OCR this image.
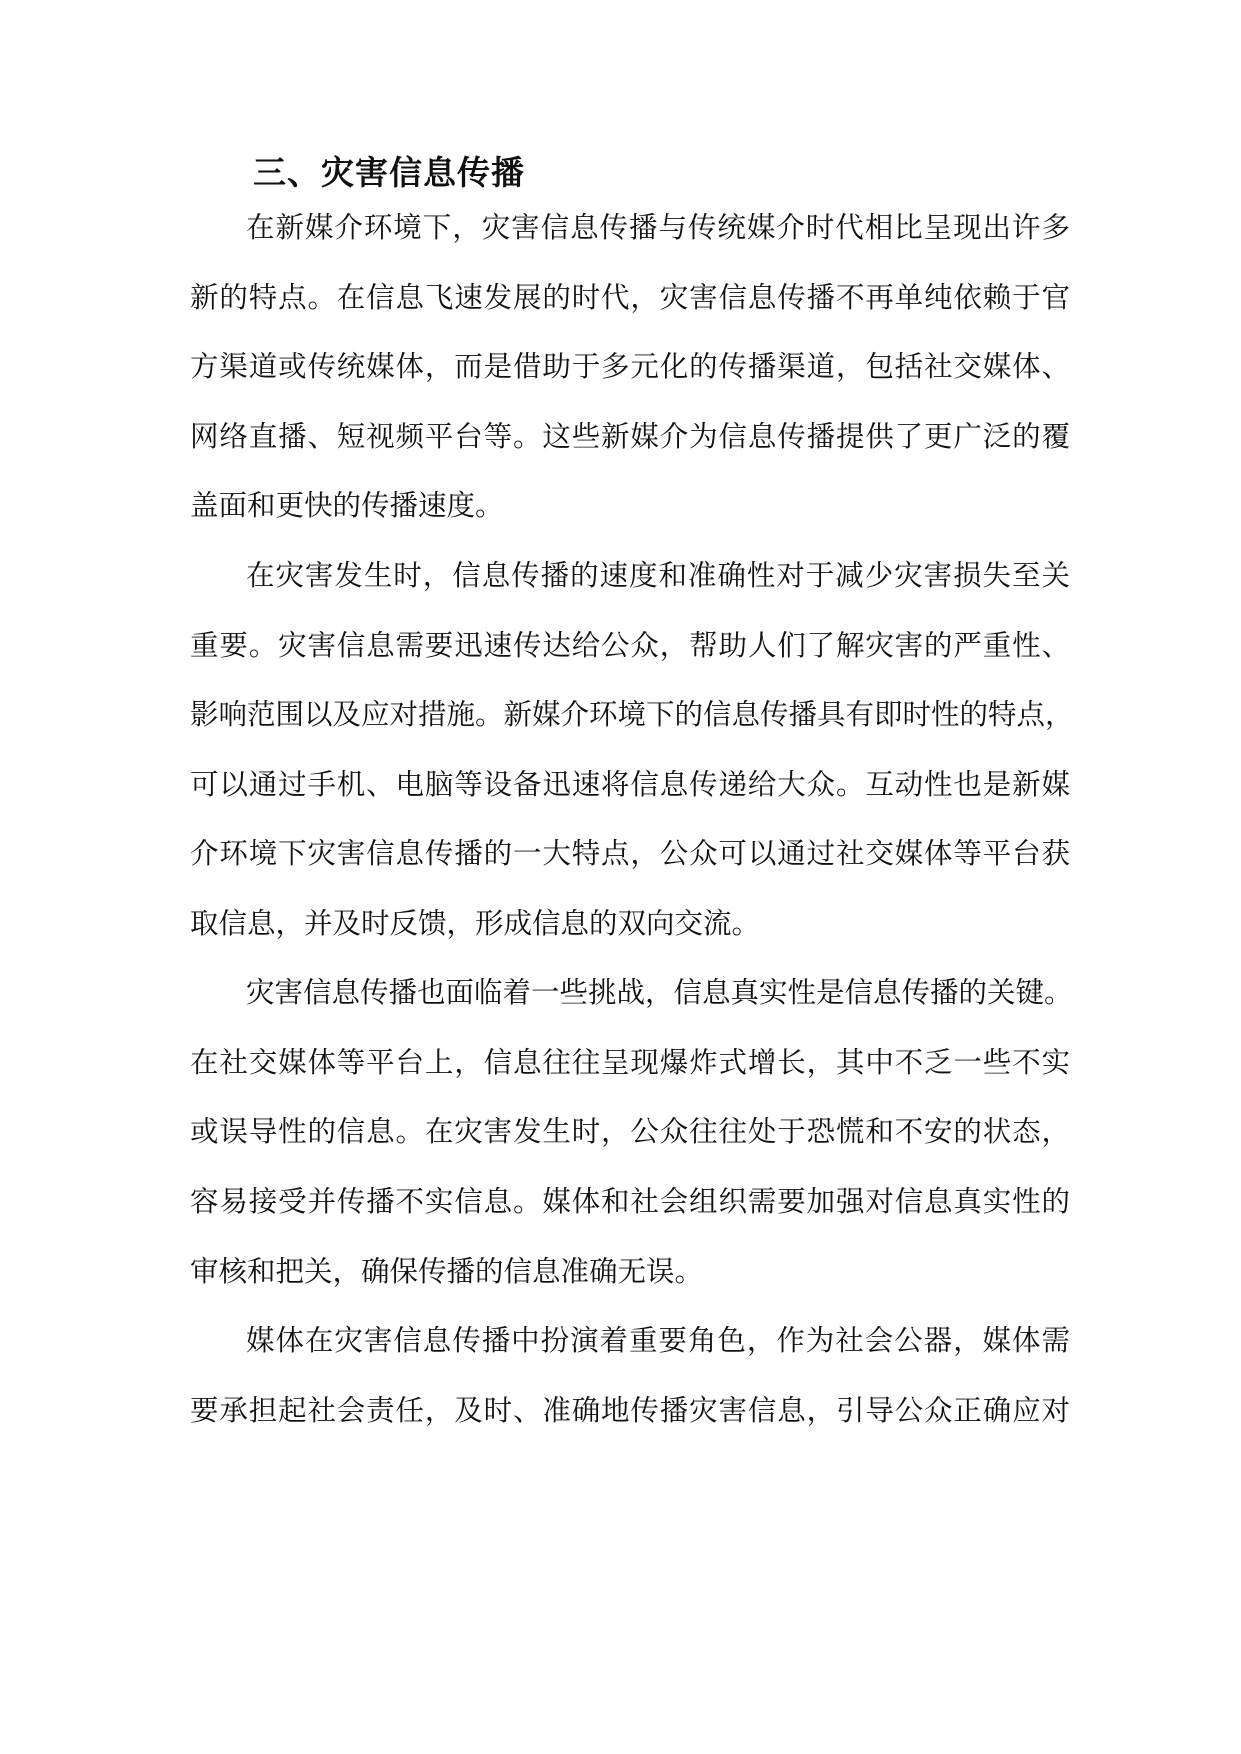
三、灾害信息传播

在新媒介环境下，灾害信息传播与传统媒介时代相比呈现出许多

新的特点。在信息飞速发展的时代，灾害信息传播不再单纯依赖于官

方渠道或传统媒体，而是借助于多元化的传播渠道，包括社交媒体、

网络直播、短视频平台等。这些新媒介为信息传播提供了更广泛的覆

盖面和更快的传播速度。

在灾害发生时，信息传播的速度和准确性对于减少灾害损失至关

重要。灾害信息需要迅速传达给公众，帮助人们了解灾害的严重性、

影响范围以及应对措施。新媒介环境下的信息传播具有即时性的特点，

可以通过手机、电脑等设备迅速将信息传递给大众。互动性也是新媒

介环境下灾害信息传播的一大特点，公众可以通过社交媒体等平台获

取信息，并及时反馈，形成信息的双向交流。

灾害信息传播也面临着一些挑战，信息真实性是信息传播的关键。

在社交媒体等平台上，信息往往呈现爆炸式增长，其中不乏一些不实

或误导性的信息。在灾害发生时，公众往往处于恐慌和不安的状态，

容易接受并传播不实信息。媒体和社会组织需要加强对信息真实性的

审核和把关，确保传播的信息准确无误。

媒体在灾害信息传播中扮演着重要角色，作为社会公器，媒体需

要承担起社会责任，及时、准确地传播灾害信息，引导公众正确应对
